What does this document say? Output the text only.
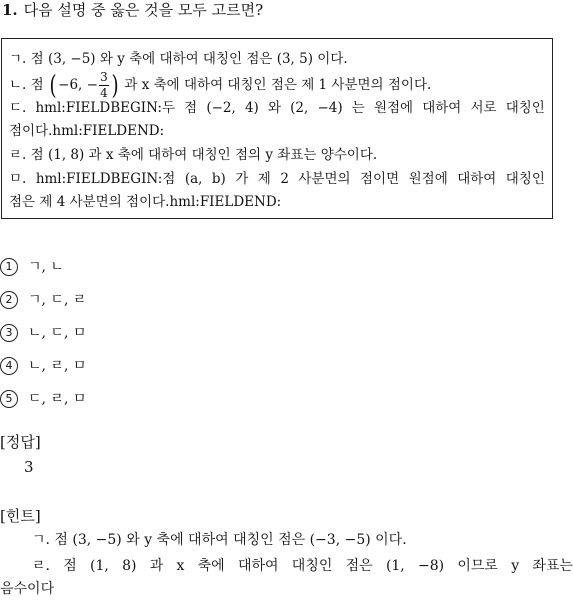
1. 다음 설명 중 옳은 것을 모두 고르면?
ㄱ. 점 (3, −5) 와 y 축에 대하여 대칭인 점은 (3, 5) 이다.
ㄴ. 점 ( −6, − $\frac{3}{4}$ ) 과 x 축에 대하여 대칭인 점은 제 1 사분면의 점이다.
ㄷ. hml:FIELDBEGIN:두 점 (−2, 4) 와 (2, −4) 는 원점에 대하여 서로 대칭인
점이다.hml:FIELDEND:
ㄹ. 점 (1, 8) 과 x 축에 대하여 대칭인 점의 y 좌표는 양수이다.
ㅁ. hml:FIELDBEGIN:점 (a, b) 가 제 2 사분면의 점이면 원점에 대하여 대칭인
점은 제 4 사분면의 점이다.hml:FIELDEND:
1 ㄱ, ㄴ
2 ㄱ, ㄷ, ㄹ
3 ㄴ, ㄷ, ㅁ
4 ㄴ, ㄹ, ㅁ
5 ㄷ, ㄹ, ㅁ
[정답]
3
[힌트]
ㄱ. 점 (3, −5) 와 y 축에 대하여 대칭인 점은 (−3, −5) 이다.
ㄹ. 점 (1, 8) 과 x 축에 대하여 대칭인 점은 (1, −8) 이므로 y 좌표는
음수이다
